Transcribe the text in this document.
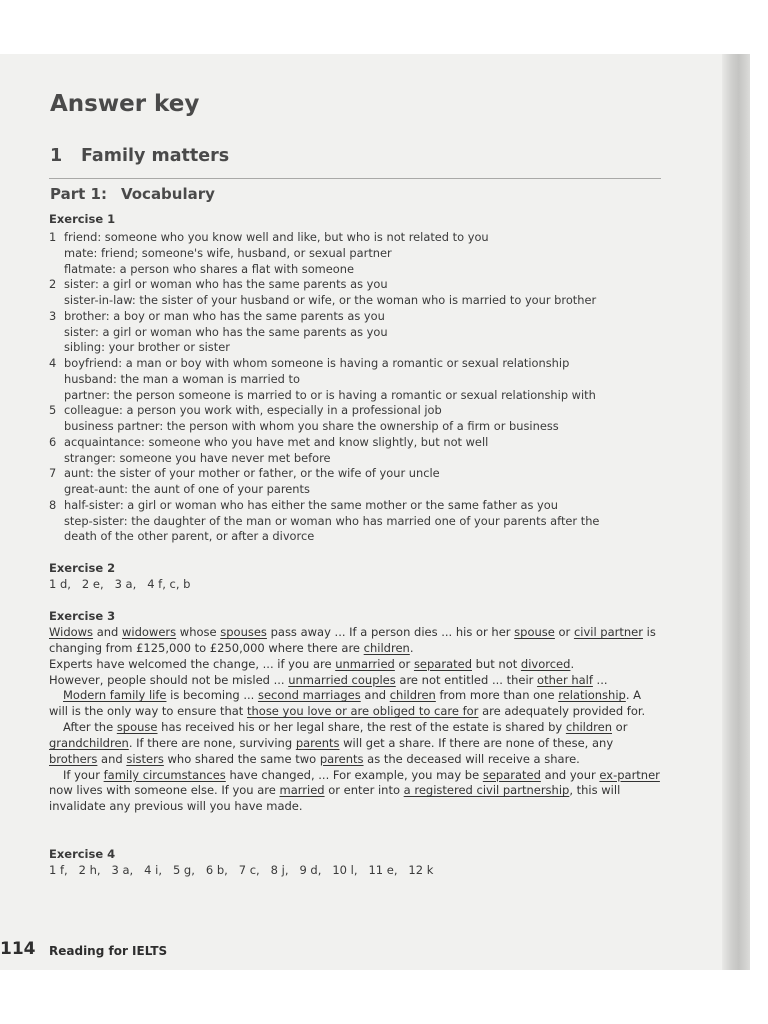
Answer key
1 Family matters
Part 1: Vocabulary
Exercise 1
1 friend: someone who you know well and like, but who is not related to you
mate: friend; someone's wife, husband, or sexual partner
flatmate: a person who shares a flat with someone
2 sister: a girl or woman who has the same parents as you
sister-in-law: the sister of your husband or wife, or the woman who is married to your brother
3 brother: a boy or man who has the same parents as you
sister: a girl or woman who has the same parents as you
sibling: your brother or sister
4 boyfriend: a man or boy with whom someone is having a romantic or sexual relationship
husband: the man a woman is married to
partner: the person someone is married to or is having a romantic or sexual relationship with
5 colleague: a person you work with, especially in a professional job
business partner: the person with whom you share the ownership of a firm or business
6 acquaintance: someone who you have met and know slightly, but not well
stranger: someone you have never met before
7 aunt: the sister of your mother or father, or the wife of your uncle
great-aunt: the aunt of one of your parents
8 half-sister: a girl or woman who has either the same mother or the same father as you
step-sister: the daughter of the man or woman who has married one of your parents after the
death of the other parent, or after a divorce
Exercise 2
1 d,   2 e,   3 a,   4 f, c, b
Exercise 3

Widows and widowers whose spouses pass away ... If a person dies ... his or her spouse or civil partner is changing from £125,000 to £250,000 where there are children.

Experts have welcomed the change, ... if you are unmarried or separated but not divorced.

However, people should not be misled ... unmarried couples are not entitled ... their other half ...

Modern family life is becoming ... second marriages and children from more than one relationship. A will is the only way to ensure that those you love or are obliged to care for are adequately provided for.

After the spouse has received his or her legal share, the rest of the estate is shared by children or grandchildren. If there are none, surviving parents will get a share. If there are none of these, any brothers and sisters who shared the same two parents as the deceased will receive a share.

If your family circumstances have changed, ... For example, you may be separated and your ex-partner now lives with someone else. If you are married or enter into a registered civil partnership, this will invalidate any previous will you have made.

Exercise 4
1 f,   2 h,   3 a,   4 i,   5 g,   6 b,   7 c,   8 j,   9 d,   10 l,   11 e,   12 k
114 Reading for IELTS
